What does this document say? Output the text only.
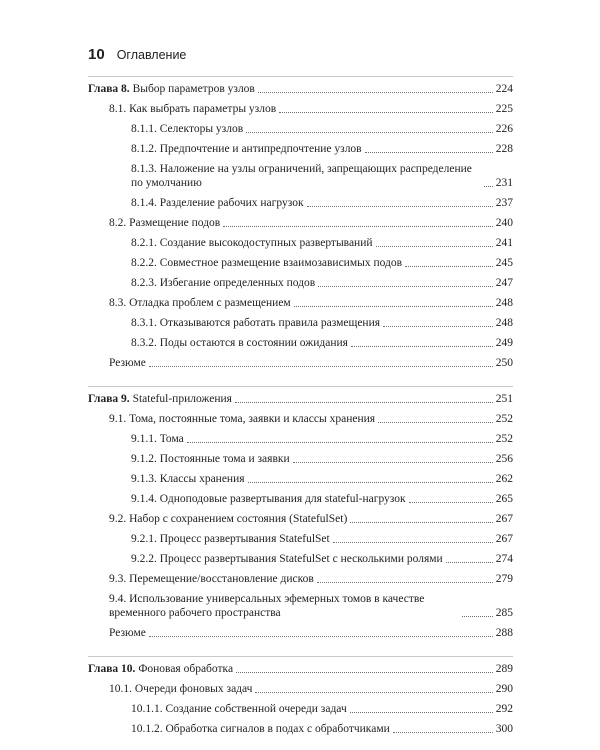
10 Оглавление
Глава 8. Выбор параметров узлов	224
8.1. Как выбрать параметры узлов	225
8.1.1. Селекторы узлов	226
8.1.2. Предпочтение и антипредпочтение узлов	228
8.1.3. Наложение на узлы ограничений, запрещающих распределение по умолчанию	231
8.1.4. Разделение рабочих нагрузок	237
8.2. Размещение подов	240
8.2.1. Создание высокодоступных развертываний	241
8.2.2. Совместное размещение взаимозависимых подов	245
8.2.3. Избегание определенных подов	247
8.3. Отладка проблем с размещением	248
8.3.1. Отказываются работать правила размещения	248
8.3.2. Поды остаются в состоянии ожидания	249
Резюме	250
Глава 9. Stateful-приложения	251
9.1. Тома, постоянные тома, заявки и классы хранения	252
9.1.1. Тома	252
9.1.2. Постоянные тома и заявки	256
9.1.3. Классы хранения	262
9.1.4. Одноподовые развертывания для stateful-нагрузок	265
9.2. Набор с сохранением состояния (StatefulSet)	267
9.2.1. Процесс развертывания StatefulSet	267
9.2.2. Процесс развертывания StatefulSet с несколькими ролями	274
9.3. Перемещение/восстановление дисков	279
9.4. Использование универсальных эфемерных томов в качестве временного рабочего пространства	285
Резюме	288
Глава 10. Фоновая обработка	289
10.1. Очереди фоновых задач	290
10.1.1. Создание собственной очереди задач	292
10.1.2. Обработка сигналов в подах с обработчиками	300
